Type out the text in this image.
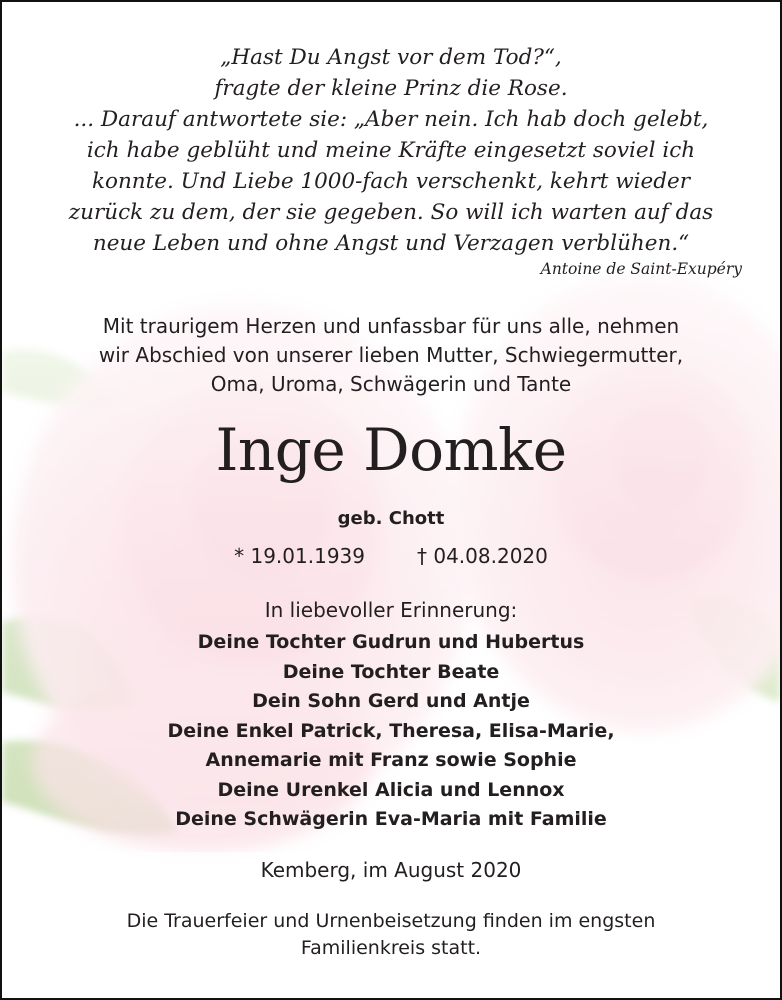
„Hast Du Angst vor dem Tod?“,
fragte der kleine Prinz die Rose.
... Darauf antwortete sie: „Aber nein. Ich hab doch gelebt,
ich habe geblüht und meine Kräfte eingesetzt soviel ich
konnte. Und Liebe 1000-fach verschenkt, kehrt wieder
zurück zu dem, der sie gegeben. So will ich warten auf das
neue Leben und ohne Angst und Verzagen verblühen.“
Antoine de Saint-Exupéry
Mit traurigem Herzen und unfassbar für uns alle, nehmen
wir Abschied von unserer lieben Mutter, Schwiegermutter,
Oma, Uroma, Schwägerin und Tante
Inge Domke
geb. Chott
* 19.01.1939	† 04.08.2020
In liebevoller Erinnerung:
Deine Tochter Gudrun und Hubertus
Deine Tochter Beate
Dein Sohn Gerd und Antje
Deine Enkel Patrick, Theresa, Elisa-Marie,
Annemarie mit Franz sowie Sophie
Deine Urenkel Alicia und Lennox
Deine Schwägerin Eva-Maria mit Familie
Kemberg, im August 2020
Die Trauerfeier und Urnenbeisetzung finden im engsten
Familienkreis statt.
